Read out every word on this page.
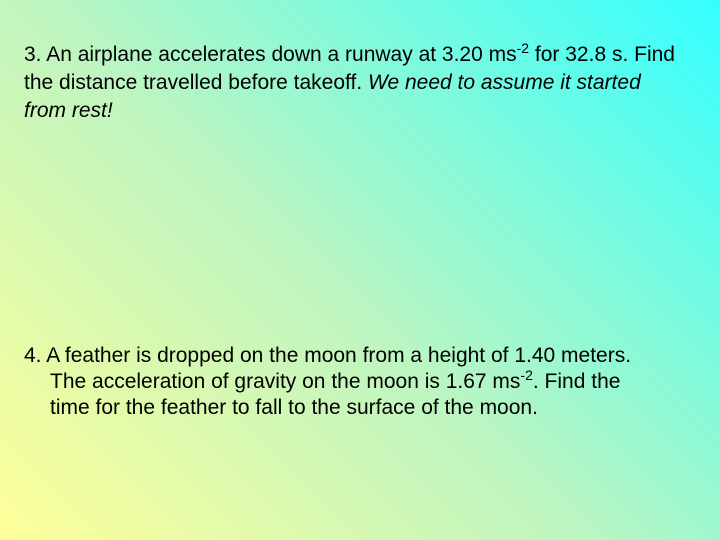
3. An airplane accelerates down a runway at 3.20 $ms^{-2}$ for 32.8 s. Find the distance travelled before takeoff. We need to assume it started from rest!

4. A feather is dropped on the moon from a height of 1.40 meters. The acceleration of gravity on the moon is 1.67 $ms^{-2}$. Find the time for the feather to fall to the surface of the moon.
